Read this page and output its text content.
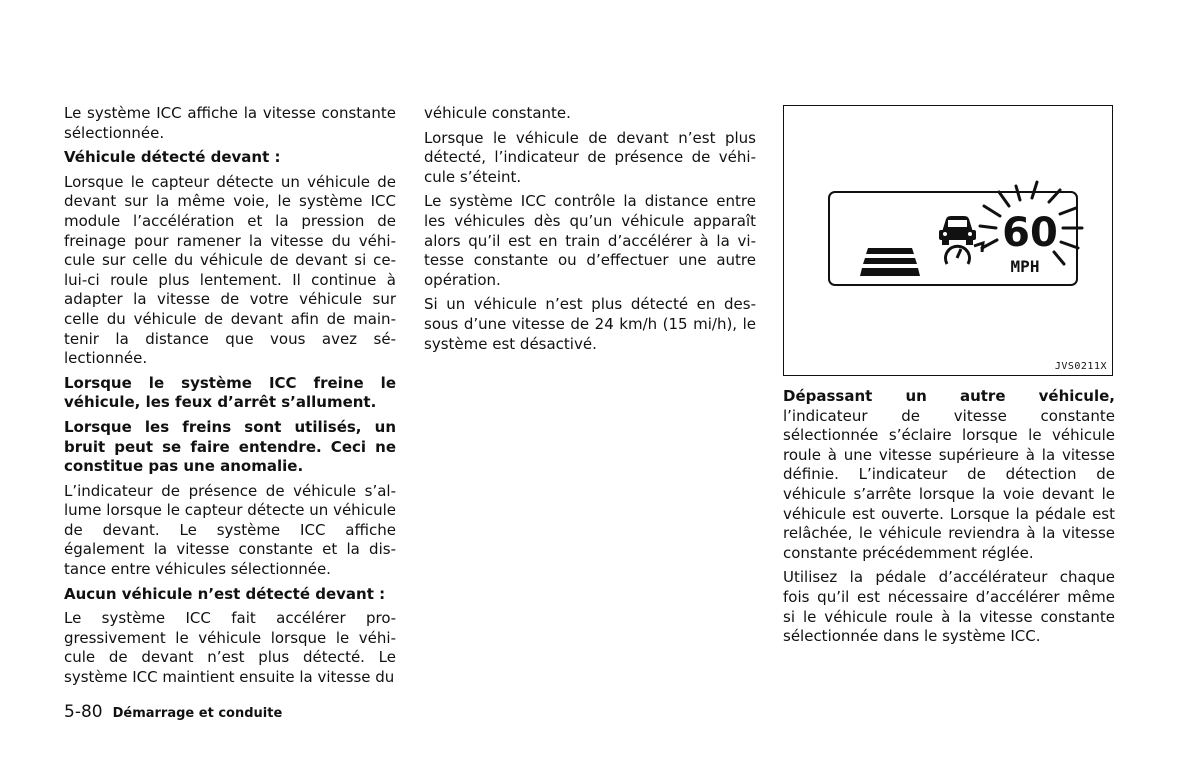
Le système ICC affiche la vitesse constante sélectionnée.

Véhicule détecté devant :

Lorsque le capteur détecte un véhicule de devant sur la même voie, le système ICC module l’accélération et la pression de freinage pour ramener la vitesse du véhicule sur celle du véhicule de devant si celui-ci roule plus lentement. Il continue à adapter la vitesse de votre véhicule sur celle du véhicule de devant afin de maintenir la distance que vous avez sélectionnée.

Lorsque le système ICC freine le véhicule, les feux d’arrêt s’allument.

Lorsque les freins sont utilisés, un bruit peut se faire entendre. Ceci ne constitue pas une anomalie.

L’indicateur de présence de véhicule s’allume lorsque le capteur détecte un véhicule de devant. Le système ICC affiche également la vitesse constante et la distance entre véhicules sélectionnée.

Aucun véhicule n’est détecté devant :

Le système ICC fait accélérer progressivement le véhicule lorsque le véhicule de devant n’est plus détecté. Le système ICC maintient ensuite la vitesse du

véhicule constante.

Lorsque le véhicule de devant n’est plus détecté, l’indicateur de présence de véhicule s’éteint.

Le système ICC contrôle la distance entre les véhicules dès qu’un véhicule apparaît alors qu’il est en train d’accélérer à la vitesse constante ou d’effectuer une autre opération.

Si un véhicule n’est plus détecté en dessous d’une vitesse de 24 km/h (15 mi/h), le système est désactivé.

60
MPH
JVS0211X

Dépassant un autre véhicule, l’indicateur de vitesse constante sélectionnée s’éclaire lorsque le véhicule roule à une vitesse supérieure à la vitesse définie. L’indicateur de détection de véhicule s’arrête lorsque la voie devant le véhicule est ouverte. Lorsque la pédale est relâchée, le véhicule reviendra à la vitesse constante précédemment réglée.

Utilisez la pédale d’accélérateur chaque fois qu’il est nécessaire d’accélérer même si le véhicule roule à la vitesse constante sélectionnée dans le système ICC.

5-80 Démarrage et conduite
